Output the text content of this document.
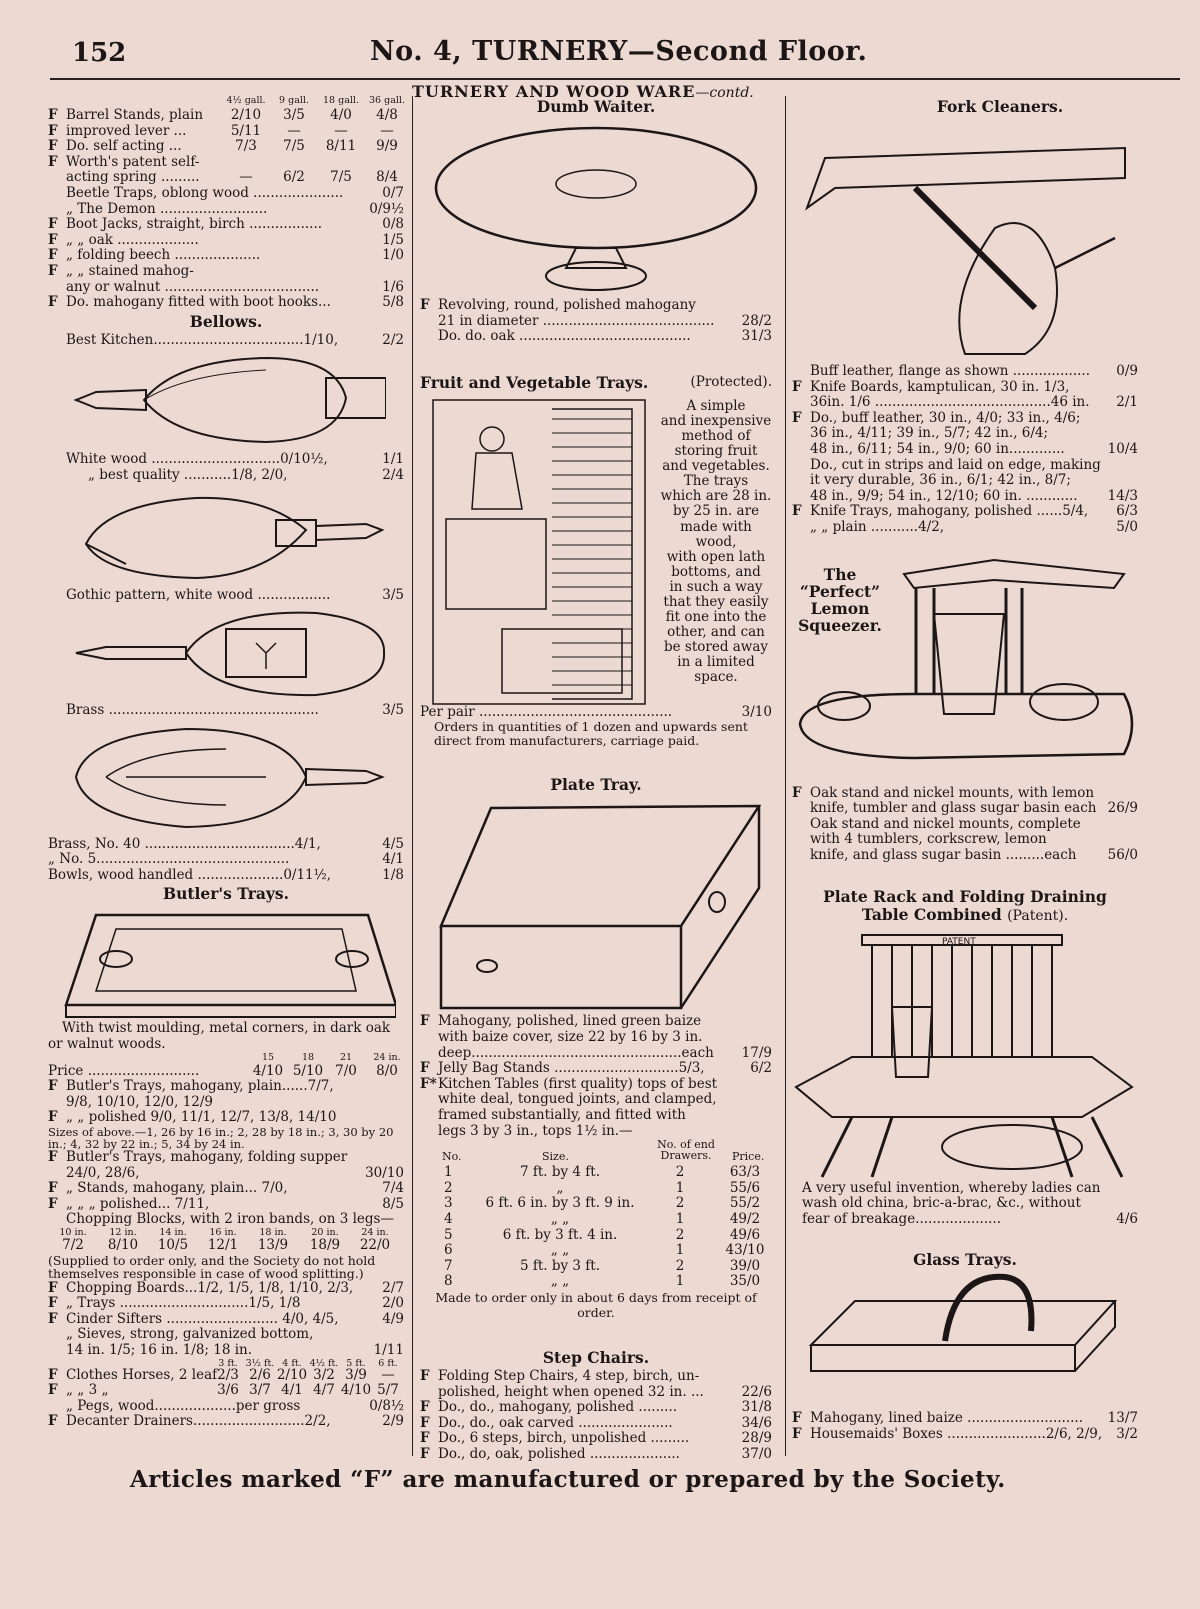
152	No. 4, TURNERY—Second Floor.
TURNERY AND WOOD WARE—contd.
4½ gall.	9 gall.	18 gall.	36 gall.
F Barrel Stands, plain	2/10	3/5	4/0	4/8
F improved lever ...	5/11	—	—	—
F Do. self acting ...	7/3	7/5	8/11	9/9
F Worth's patent self-
acting spring .........	—	6/2	7/5	8/4
Beetle Traps, oblong wood .....................	0/7
„ The Demon .........................	0/9½
F Boot Jacks, straight, birch .................	0/8
F „ „ oak ...................	1/5
F „ folding beech ....................	1/0
F „ „ stained mahog-
any or walnut ....................................	1/6
F Do. mahogany fitted with boot hooks...	5/8
Bellows.
Best Kitchen...................................1/10,	2/2
White wood ..............................0/10½,	1/1
„ best quality ...........1/8, 2/0,	2/4
Gothic pattern, white wood .................	3/5
Brass .................................................	3/5
Brass, No. 40 ...................................4/1,	4/5
„ No. 5.............................................	4/1
Bowls, wood handled ....................0/11½,	1/8
Butler's Trays.
With twist moulding, metal corners, in dark oak or walnut woods.
15	18	21	24 in.
Price ..........................	4/10 5/10 7/0	8/0
F Butler's Trays, mahogany, plain......7/7,
9/8, 10/10, 12/0, 12/9
F „ „ polished 9/0, 11/1, 12/7, 13/8, 14/10
Sizes of above.—1, 26 by 16 in.; 2, 28 by 18 in.; 3, 30 by 20 in.; 4, 32 by 22 in.; 5, 34 by 24 in.
F Butler's Trays, mahogany, folding supper
24/0, 28/6,	30/10
F „ Stands, mahogany, plain... 7/0,	7/4
F „ „ „ polished... 7/11,	8/5
Chopping Blocks, with 2 iron bands, on 3 legs—
10 in.	12 in.	14 in.	16 in.	18 in.	20 in.	24 in.
7/2	8/10	10/5	12/1	13/9	18/9	22/0
(Supplied to order only, and the Society do not hold themselves responsible in case of wood splitting.)
F Chopping Boards...1/2, 1/5, 1/8, 1/10, 2/3, 2/7
F „ Trays ..............................1/5, 1/8	2/0
F Cinder Sifters .......................... 4/0, 4/5,	4/9
„ Sieves, strong, galvanized bottom,
14 in. 1/5; 16 in. 1/8; 18 in.	1/11
3 ft. 3½ ft. 4 ft. 4½ ft. 5 ft.	6 ft.
F Clothes Horses, 2 leaf 2/3 2/6 2/10 3/2 3/9	—
F „ „ 3 „	3/6 3/7 4/1 4/7 4/10 5/7
„ Pegs, wood...................per gross	0/8½
F Decanter Drainers..........................2/2,	2/9
Dumb Waiter.
F Revolving, round, polished mahogany
21 in diameter ........................................ 28/2
Do. do. oak ........................................	31/3
Fruit and Vegetable Trays.	(Protected).
A simple
and inexpensive
method of
storing fruit
and vegetables.
The trays
which are 28 in.
by 25 in. are
made with
wood,
with open lath
bottoms, and
in such a way
that they easily
fit one into the
other, and can
be stored away
in a limited
space.
Per pair .............................................	3/10
Orders in quantities of 1 dozen and upwards sent direct from manufacturers, carriage paid.
Plate Tray.
F Mahogany, polished, lined green baize
with baize cover, size 22 by 16 by 3 in.
deep.................................................each 17/9
F Jelly Bag Stands .............................5/3,	6/2
F*Kitchen Tables (first quality) tops of best
white deal, tongued joints, and clamped,
framed substantially, and fitted with
legs 3 by 3 in., tops 1½ in.—
No.	Size.
No. of end Drawers.	Price.
1	7 ft. by 4 ft.	2	63/3
2	„	1	55/6
3	6 ft. 6 in. by 3 ft. 9 in.	2	55/2
4	„ „	1	49/2
5	6 ft. by 3 ft. 4 in.	2	49/6
6	„ „	1	43/10
7	5 ft. by 3 ft.	2	39/0
8	„ „	1	35/0
Made to order only in about 6 days from receipt of order.
Step Chairs.
F Folding Step Chairs, 4 step, birch, un-
polished, height when opened 32 in. ...	22/6
F Do., do., mahogany, polished .........	31/8
F Do., do., oak carved ......................	34/6
F Do., 6 steps, birch, unpolished .........	28/9
F Do., do, oak, polished .....................	37/0
Fork Cleaners.
Buff leather, flange as shown .................. 0/9
F Knife Boards, kamptulican, 30 in. 1/3,
36in. 1/6 .........................................46 in. 2/1
F Do., buff leather, 30 in., 4/0; 33 in., 4/6;
36 in., 4/11; 39 in., 5/7; 42 in., 6/4;
48 in., 6/11; 54 in., 9/0; 60 in.............	10/4
Do., cut in strips and laid on edge, making
it very durable, 36 in., 6/1; 42 in., 8/7;
48 in., 9/9; 54 in., 12/10; 60 in. ............ 14/3
F Knife Trays, mahogany, polished ......5/4, 6/3
„ „ plain ...........4/2,	5/0
The
“Perfect”
Lemon
Squeezer.
F Oak stand and nickel mounts, with lemon
knife, tumbler and glass sugar basin each 26/9
Oak stand and nickel mounts, complete
with 4 tumblers, corkscrew, lemon
knife, and glass sugar basin .........each 56/0
Plate Rack and Folding Draining
Table Combined (Patent).
PATENT
A very useful invention, whereby ladies can wash old china, bric-a-brac, &c., without fear of breakage....................	4/6
Glass Trays.
F Mahogany, lined baize ........................... 13/7
F Housemaids' Boxes .......................2/6, 2/9, 3/2
Articles marked “F” are manufactured or prepared by the Society.
